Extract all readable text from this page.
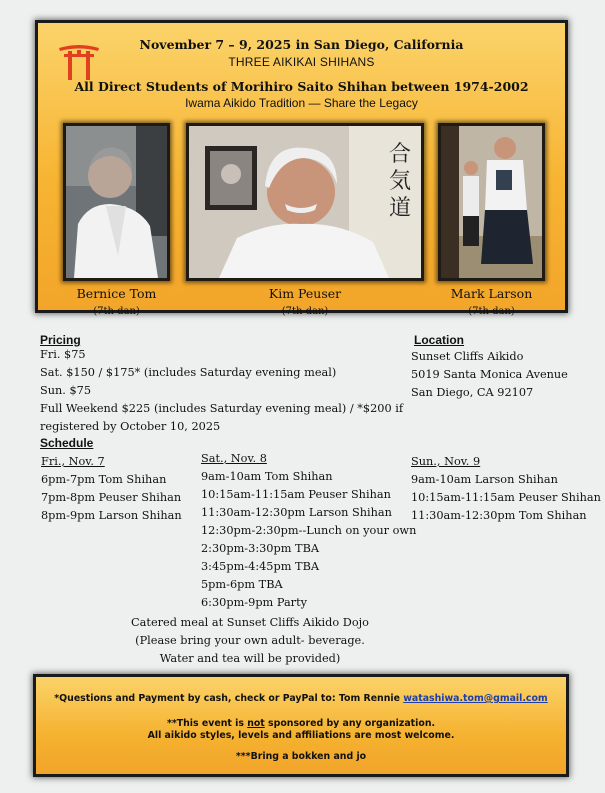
November 7 – 9, 2025 in San Diego, California
THREE AIKIKAI SHIHANS
All Direct Students of Morihiro Saito Shihan between 1974-2002
Iwama Aikido Tradition — Share the Legacy
合
気
道
Bernice Tom
(7th dan)
Kim Peuser
(7th dan)
Mark Larson
(7th dan)
Pricing
Fri. $75
Sat. $150 / $175* (includes Saturday evening meal)
Sun. $75
Full Weekend $225 (includes Saturday evening meal) / *$200 if
registered by October 10, 2025
Location
Sunset Cliffs Aikido
5019 Santa Monica Avenue
San Diego, CA 92107
Schedule
Fri., Nov. 7
6pm-7pm Tom Shihan
7pm-8pm Peuser Shihan
8pm-9pm Larson Shihan
Sat., Nov. 8
9am-10am Tom Shihan
10:15am-11:15am Peuser Shihan
11:30am-12:30pm Larson Shihan
12:30pm-2:30pm--Lunch on your own
2:30pm-3:30pm TBA
3:45pm-4:45pm TBA
5pm-6pm TBA
6:30pm-9pm Party
Sun., Nov. 9
9am-10am Larson Shihan
10:15am-11:15am Peuser Shihan
11:30am-12:30pm Tom Shihan
Catered meal at Sunset Cliffs Aikido Dojo
(Please bring your own adult- beverage.
Water and tea will be provided)
*Questions and Payment by cash, check or PayPal to: Tom Rennie watashiwa.tom@gmail.com
**This event is not sponsored by any organization.
All aikido styles, levels and affiliations are most welcome.
***Bring a bokken and jo
